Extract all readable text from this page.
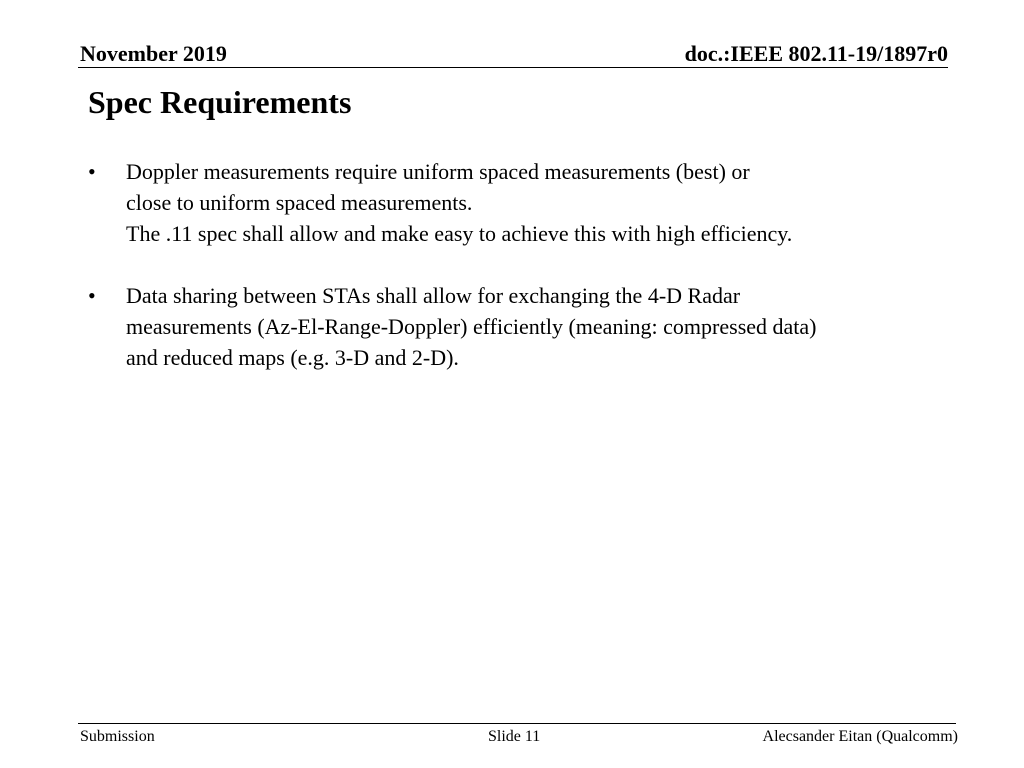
November 2019	doc.:IEEE 802.11-19/1897r0
Spec Requirements
• Doppler measurements require uniform spaced measurements (best) or
close to uniform spaced measurements.
The .11 spec shall allow and make easy to achieve this with high efficiency.
• Data sharing between STAs shall allow for exchanging the 4-D Radar
measurements (Az-El-Range-Doppler) efficiently (meaning: compressed data)
and reduced maps (e.g. 3-D and 2-D).
Submission	Slide 11	Alecsander Eitan (Qualcomm)
